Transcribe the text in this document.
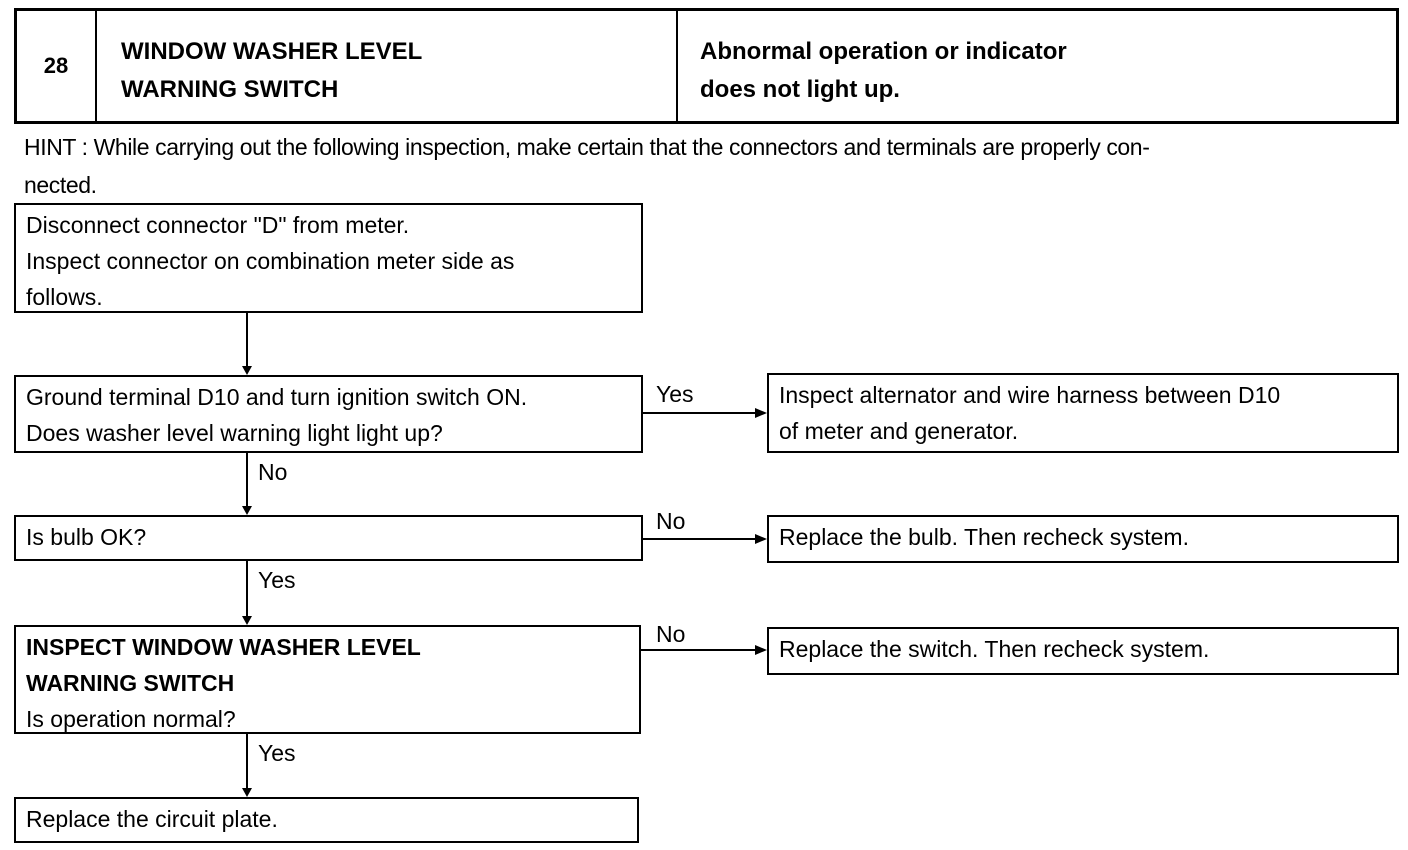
28
WINDOW WASHER LEVEL
WARNING SWITCH
Abnormal operation or indicator
does not light up.
HINT : While carrying out the following inspection, make certain that the connectors and terminals are properly con-
nected.
Disconnect connector "D" from meter.
Inspect connector on combination meter side as
follows.
Ground terminal D10 and turn ignition switch ON.
Does washer level warning light light up?
Is bulb OK?
INSPECT WINDOW WASHER LEVEL
WARNING SWITCH
Is operation normal?
Replace the circuit plate.
Inspect alternator and wire harness between D10
of meter and generator.
Replace the bulb. Then recheck system.
Replace the switch. Then recheck system.
Yes
No
No
Yes
No
Yes
